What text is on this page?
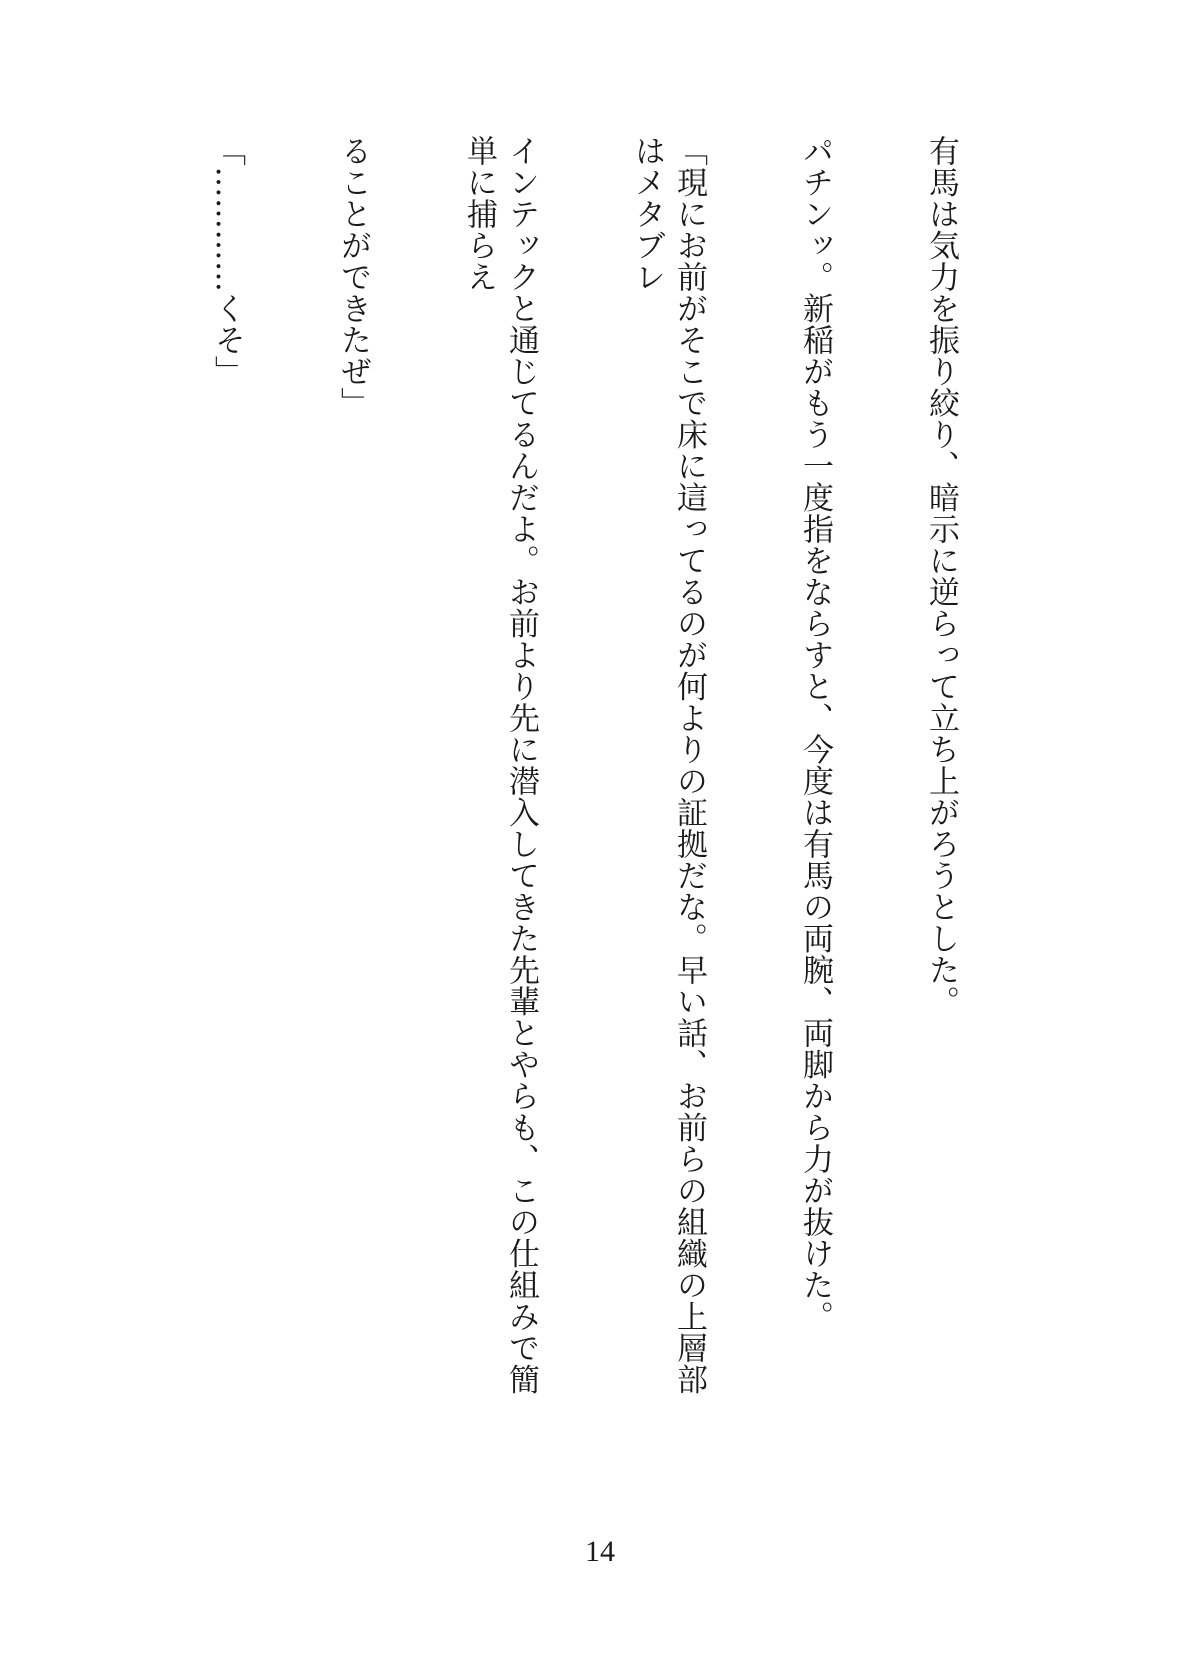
有馬は気力を振り絞り、暗示に逆らって立ち上がろうとした。

パチンッ。新稲がもう一度指をならすと、今度は有馬の両腕、両脚から力が抜けた。

「現にお前がそこで床に這ってるのが何よりの証拠だな。早い話、お前らの組織の上層部はメタブレ

インテックと通じてるんだよ。お前より先に潜入してきた先輩とやらも、この仕組みで簡単に捕らえ

ることができたぜ」

「…………くそ」

14
